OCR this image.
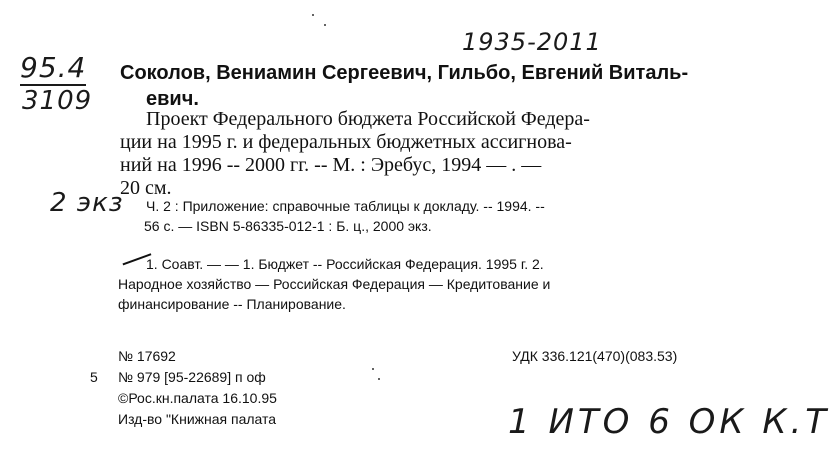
95.4
3109
1935-2011
2 экз
1 ИТО 6 ОК К.Т
Соколов, Вениамин Сергеевич, Гильбо, Евгений Виталь-
евич.
Проект Федерального бюджета Российской Федера-
ции на 1995 г. и федеральных бюджетных ассигнова-
ний на 1996 -- 2000 гг. -- М. : Эребус, 1994 — . —
20 см.
Ч. 2 : Приложение: справочные таблицы к докладу. -- 1994. --
56 с. — ISBN 5-86335-012-1 : Б. ц., 2000 экз.
1. Соавт. — — 1. Бюджет -- Российская Федерация. 1995 г. 2.
Народное хозяйство — Российская Федерация — Кредитование и
финансирование -- Планирование.
№ 17692
5 № 979 [95-22689] п оф
©Рос.кн.палата 16.10.95
Изд-во "Книжная палата
УДК 336.121(470)(083.53)
